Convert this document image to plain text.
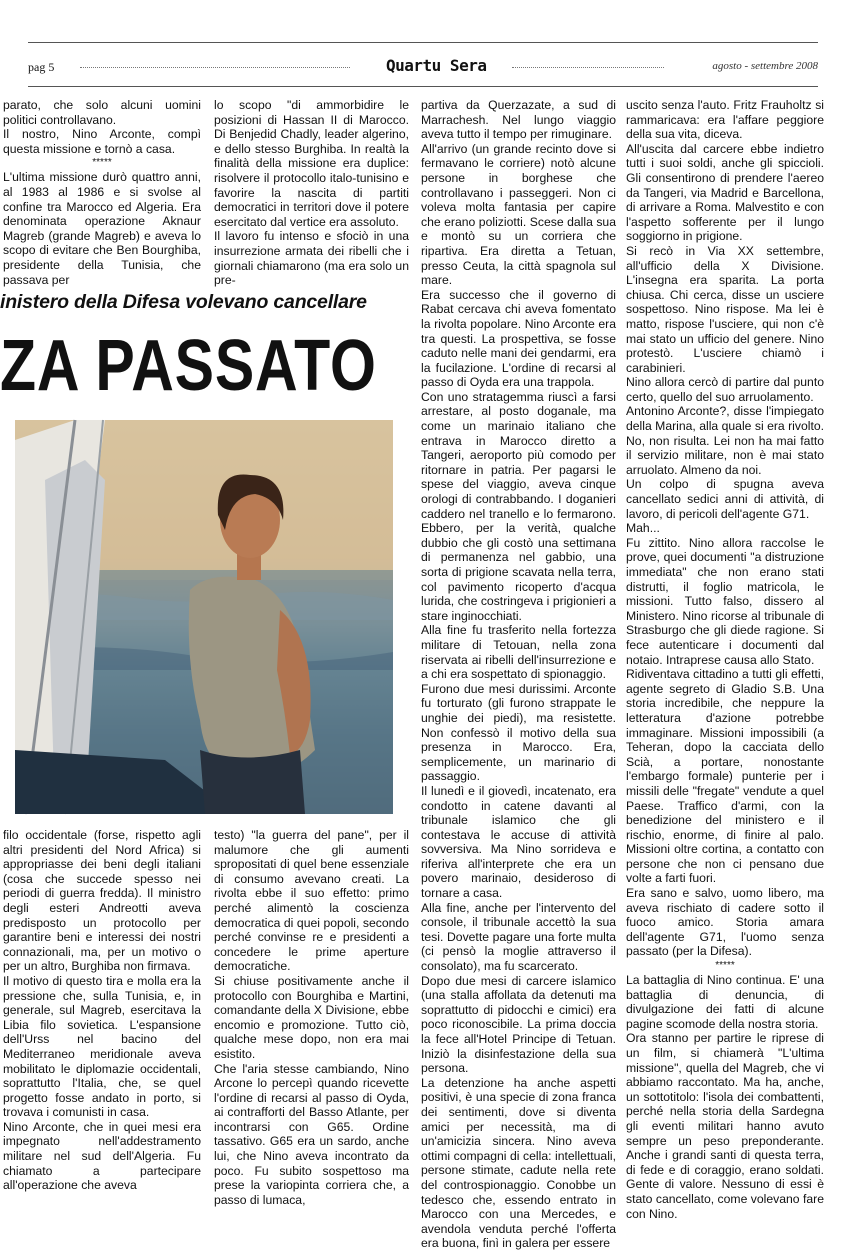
pag 5	Quartu Sera	agosto - settembre 2008

parato, che solo alcuni uomini politici controllavano.

Il nostro, Nino Arconte, compì questa missione e tornò a casa.

*****

L'ultima missione durò quattro anni, al 1983 al 1986 e si svolse al confine tra Marocco ed Algeria. Era denominata operazione Aknaur Magreb (grande Magreb) e aveva lo scopo di evitare che Ben Bourghiba, presidente della Tunisia, che passava per

lo scopo "di ammorbidire le posizioni di Hassan II di Marocco. Di Benjedid Chadly, leader algerino, e dello stesso Burghiba. In realtà la finalità della missione era duplice: risolvere il protocollo italo-tunisino e favorire la nascita di partiti democratici in territori dove il potere esercitato dal vertice era assoluto.

Il lavoro fu intenso e sfociò in una insurrezione armata dei ribelli che i giornali chiamarono (ma era solo un pre-

inistero della Difesa volevano cancellare
ZA PASSATO

filo occidentale (forse, rispetto agli altri presidenti del Nord Africa) si appropriasse dei beni degli italiani (cosa che succede spesso nei periodi di guerra fredda). Il ministro degli esteri Andreotti aveva predisposto un protocollo per garantire beni e interessi dei nostri connazionali, ma, per un motivo o per un altro, Burghiba non firmava.

Il motivo di questo tira e molla era la pressione che, sulla Tunisia, e, in generale, sul Magreb, esercitava la Libia filo sovietica. L'espansione dell'Urss nel bacino del Mediterraneo meridionale aveva mobilitato le diplomazie occidentali, soprattutto l'Italia, che, se quel progetto fosse andato in porto, si trovava i comunisti in casa.

Nino Arconte, che in quei mesi era impegnato nell'addestramento militare nel sud dell'Algeria. Fu chiamato a partecipare all'operazione che aveva

testo) "la guerra del pane", per il malumore che gli aumenti spropositati di quel bene essenziale di consumo avevano creati. La rivolta ebbe il suo effetto: primo perché alimentò la coscienza democratica di quei popoli, secondo perché convinse re e presidenti a concedere le prime aperture democratiche.

Si chiuse positivamente anche il protocollo con Bourghiba e Martini, comandante della X Divisione, ebbe encomio e promozione. Tutto ciò, qualche mese dopo, non era mai esistito.

Che l'aria stesse cambiando, Nino Arcone lo percepì quando ricevette l'ordine di recarsi al passo di Oyda, ai contrafforti del Basso Atlante, per incontrarsi con G65. Ordine tassativo. G65 era un sardo, anche lui, che Nino aveva incontrato da poco. Fu subito sospettoso ma prese la variopinta corriera che, a passo di lumaca,

partiva da Querzazate, a sud di Marrachesh. Nel lungo viaggio aveva tutto il tempo per rimuginare.

All'arrivo (un grande recinto dove si fermavano le corriere) notò alcune persone in borghese che controllavano i passeggeri. Non ci voleva molta fantasia per capire che erano poliziotti. Scese dalla sua e montò su un corriera che ripartiva. Era diretta a Tetuan, presso Ceuta, la città spagnola sul mare.

Era successo che il governo di Rabat cercava chi aveva fomentato la rivolta popolare. Nino Arconte era tra questi. La prospettiva, se fosse caduto nelle mani dei gendarmi, era la fucilazione. L'ordine di recarsi al passo di Oyda era una trappola.

Con uno stratagemma riuscì a farsi arrestare, al posto doganale, ma come un marinaio italiano che entrava in Marocco diretto a Tangeri, aeroporto più comodo per ritornare in patria. Per pagarsi le spese del viaggio, aveva cinque orologi di contrabbando. I doganieri caddero nel tranello e lo fermarono. Ebbero, per la verità, qualche dubbio che gli costò una settimana di permanenza nel gabbio, una sorta di prigione scavata nella terra, col pavimento ricoperto d'acqua lurida, che costringeva i prigionieri a stare inginocchiati.

Alla fine fu trasferito nella fortezza militare di Tetouan, nella zona riservata ai ribelli dell'insurrezione e a chi era sospettato di spionaggio.

Furono due mesi durissimi. Arconte fu torturato (gli furono strappate le unghie dei piedi), ma resistette. Non confessò il motivo della sua presenza in Marocco. Era, semplicemente, un marinario di passaggio.

Il lunedì e il giovedì, incatenato, era condotto in catene davanti al tribunale islamico che gli contestava le accuse di attività sovversiva. Ma Nino sorrideva e riferiva all'interprete che era un povero marinaio, desideroso di tornare a casa.

Alla fine, anche per l'intervento del console, il tribunale accettò la sua tesi. Dovette pagare una forte multa (ci pensò la moglie attraverso il consolato), ma fu scarcerato.

Dopo due mesi di carcere islamico (una stalla affollata da detenuti ma soprattutto di pidocchi e cimici) era poco riconoscibile. La prima doccia la fece all'Hotel Principe di Tetuan. Iniziò la disinfestazione della sua persona.

La detenzione ha anche aspetti positivi, è una specie di zona franca dei sentimenti, dove si diventa amici per necessità, ma di un'amicizia sincera. Nino aveva ottimi compagni di cella: intellettuali, persone stimate, cadute nella rete del controspionaggio. Conobbe un tedesco che, essendo entrato in Marocco con una Mercedes, e avendola venduta perché l'offerta era buona, finì in galera per essere

uscito senza l'auto. Fritz Frauholtz si rammaricava: era l'affare peggiore della sua vita, diceva.

All'uscita dal carcere ebbe indietro tutti i suoi soldi, anche gli spiccioli. Gli consentirono di prendere l'aereo da Tangeri, via Madrid e Barcellona, di arrivare a Roma. Malvestito e con l'aspetto sofferente per il lungo soggiorno in prigione.

Si recò in Via XX settembre, all'ufficio della X Divisione. L'insegna era sparita. La porta chiusa. Chi cerca, disse un usciere sospettoso. Nino rispose. Ma lei è matto, rispose l'usciere, qui non c'è mai stato un ufficio del genere. Nino protestò. L'usciere chiamò i carabinieri.

Nino allora cercò di partire dal punto certo, quello del suo arruolamento.

Antonino Arconte?, disse l'impiegato della Marina, alla quale si era rivolto. No, non risulta. Lei non ha mai fatto il servizio militare, non è mai stato arruolato. Almeno da noi.

Un colpo di spugna aveva cancellato sedici anni di attività, di lavoro, di pericoli dell'agente G71.

Mah...

Fu zittito. Nino allora raccolse le prove, quei documenti "a distruzione immediata" che non erano stati distrutti, il foglio matricola, le missioni. Tutto falso, dissero al Ministero. Nino ricorse al tribunale di Strasburgo che gli diede ragione. Si fece autenticare i documenti dal notaio. Intraprese causa allo Stato.

Ridiventava cittadino a tutti gli effetti, agente segreto di Gladio S.B. Una storia incredibile, che neppure la letteratura d'azione potrebbe immaginare. Missioni impossibili (a Teheran, dopo la cacciata dello Scià, a portare, nonostante l'embargo formale) punterie per i missili delle "fregate" vendute a quel Paese. Traffico d'armi, con la benedizione del ministero e il rischio, enorme, di finire al palo. Missioni oltre cortina, a contatto con persone che non ci pensano due volte a farti fuori.

Era sano e salvo, uomo libero, ma aveva rischiato di cadere sotto il fuoco amico. Storia amara dell'agente G71, l'uomo senza passato (per la Difesa).

*****

La battaglia di Nino continua. E' una battaglia di denuncia, di divulgazione dei fatti di alcune pagine scomode della nostra storia.

Ora stanno per partire le riprese di un film, si chiamerà "L'ultima missione", quella del Magreb, che vi abbiamo raccontato. Ma ha, anche, un sottotitolo: l'isola dei combattenti, perché nella storia della Sardegna gli eventi militari hanno avuto sempre un peso preponderante. Anche i grandi santi di questa terra, di fede e di coraggio, erano soldati. Gente di valore. Nessuno di essi è stato cancellato, come volevano fare con Nino.
